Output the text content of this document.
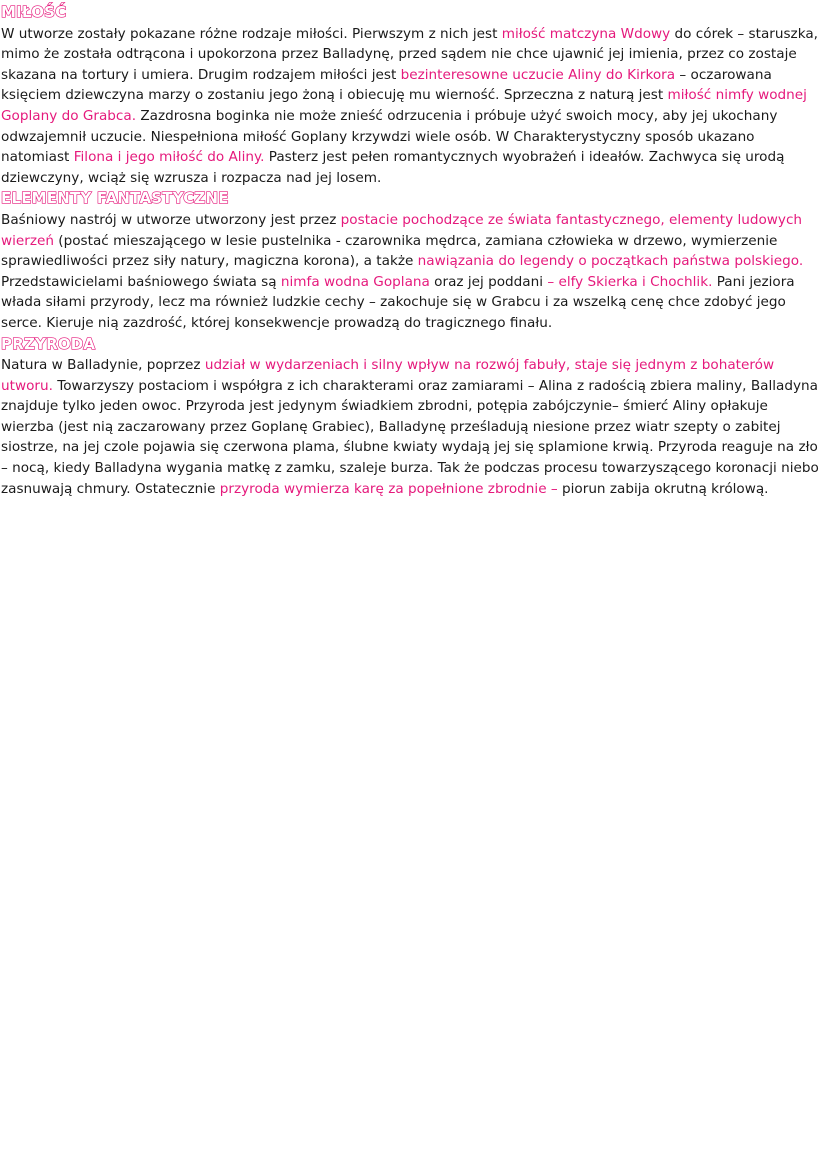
MIŁOŚĆ

W utworze zostały pokazane różne rodzaje miłości. Pierwszym z nich jest miłość matczyna Wdowy do córek – staruszka, mimo że została odtrącona i upokorzona przez Balladynę, przed sądem nie chce ujawnić jej imienia, przez co zostaje skazana na tortury i umiera. Drugim rodzajem miłości jest bezinteresowne uczucie Aliny do Kirkora – oczarowana księciem dziewczyna marzy o zostaniu jego żoną i obiecuję mu wierność. Sprzeczna z naturą jest miłość nimfy wodnej Goplany do Grabca. Zazdrosna boginka nie może znieść odrzucenia i próbuje użyć swoich mocy, aby jej ukochany odwzajemnił uczucie. Niespełniona miłość Goplany krzywdzi wiele osób. W Charakterystyczny sposób ukazano natomiast Filona i jego miłość do Aliny. Pasterz jest pełen romantycznych wyobrażeń i ideałów. Zachwyca się urodą dziewczyny, wciąż się wzrusza i rozpacza nad jej losem.

ELEMENTY FANTASTYCZNE

Baśniowy nastrój w utworze utworzony jest przez postacie pochodzące ze świata fantastycznego, elementy ludowych wierzeń (postać mieszającego w lesie pustelnika - czarownika mędrca, zamiana człowieka w drzewo, wymierzenie sprawiedliwości przez siły natury, magiczna korona), a także nawiązania do legendy o początkach państwa polskiego. Przedstawicielami baśniowego świata są nimfa wodna Goplana oraz jej poddani – elfy Skierka i Chochlik. Pani jeziora włada siłami przyrody, lecz ma również ludzkie cechy – zakochuje się w Grabcu i za wszelką cenę chce zdobyć jego serce. Kieruje nią zazdrość, której konsekwencje prowadzą do tragicznego finału.

PRZYRODA

Natura w Balladynie, poprzez udział w wydarzeniach i silny wpływ na rozwój fabuły, staje się jednym z bohaterów utworu. Towarzyszy postaciom i współgra z ich charakterami oraz zamiarami – Alina z radością zbiera maliny, Balladyna znajduje tylko jeden owoc. Przyroda jest jedynym świadkiem zbrodni, potępia zabójczynie– śmierć Aliny opłakuje wierzba (jest nią zaczarowany przez Goplanę Grabiec), Balladynę prześladują niesione przez wiatr szepty o zabitej siostrze, na jej czole pojawia się czerwona plama, ślubne kwiaty wydają jej się splamione krwią. Przyroda reaguje na zło – nocą, kiedy Balladyna wygania matkę z zamku, szaleje burza. Tak że podczas procesu towarzyszącego koronacji niebo zasnuwają chmury. Ostatecznie przyroda wymierza karę za popełnione zbrodnie – piorun zabija okrutną królową.
